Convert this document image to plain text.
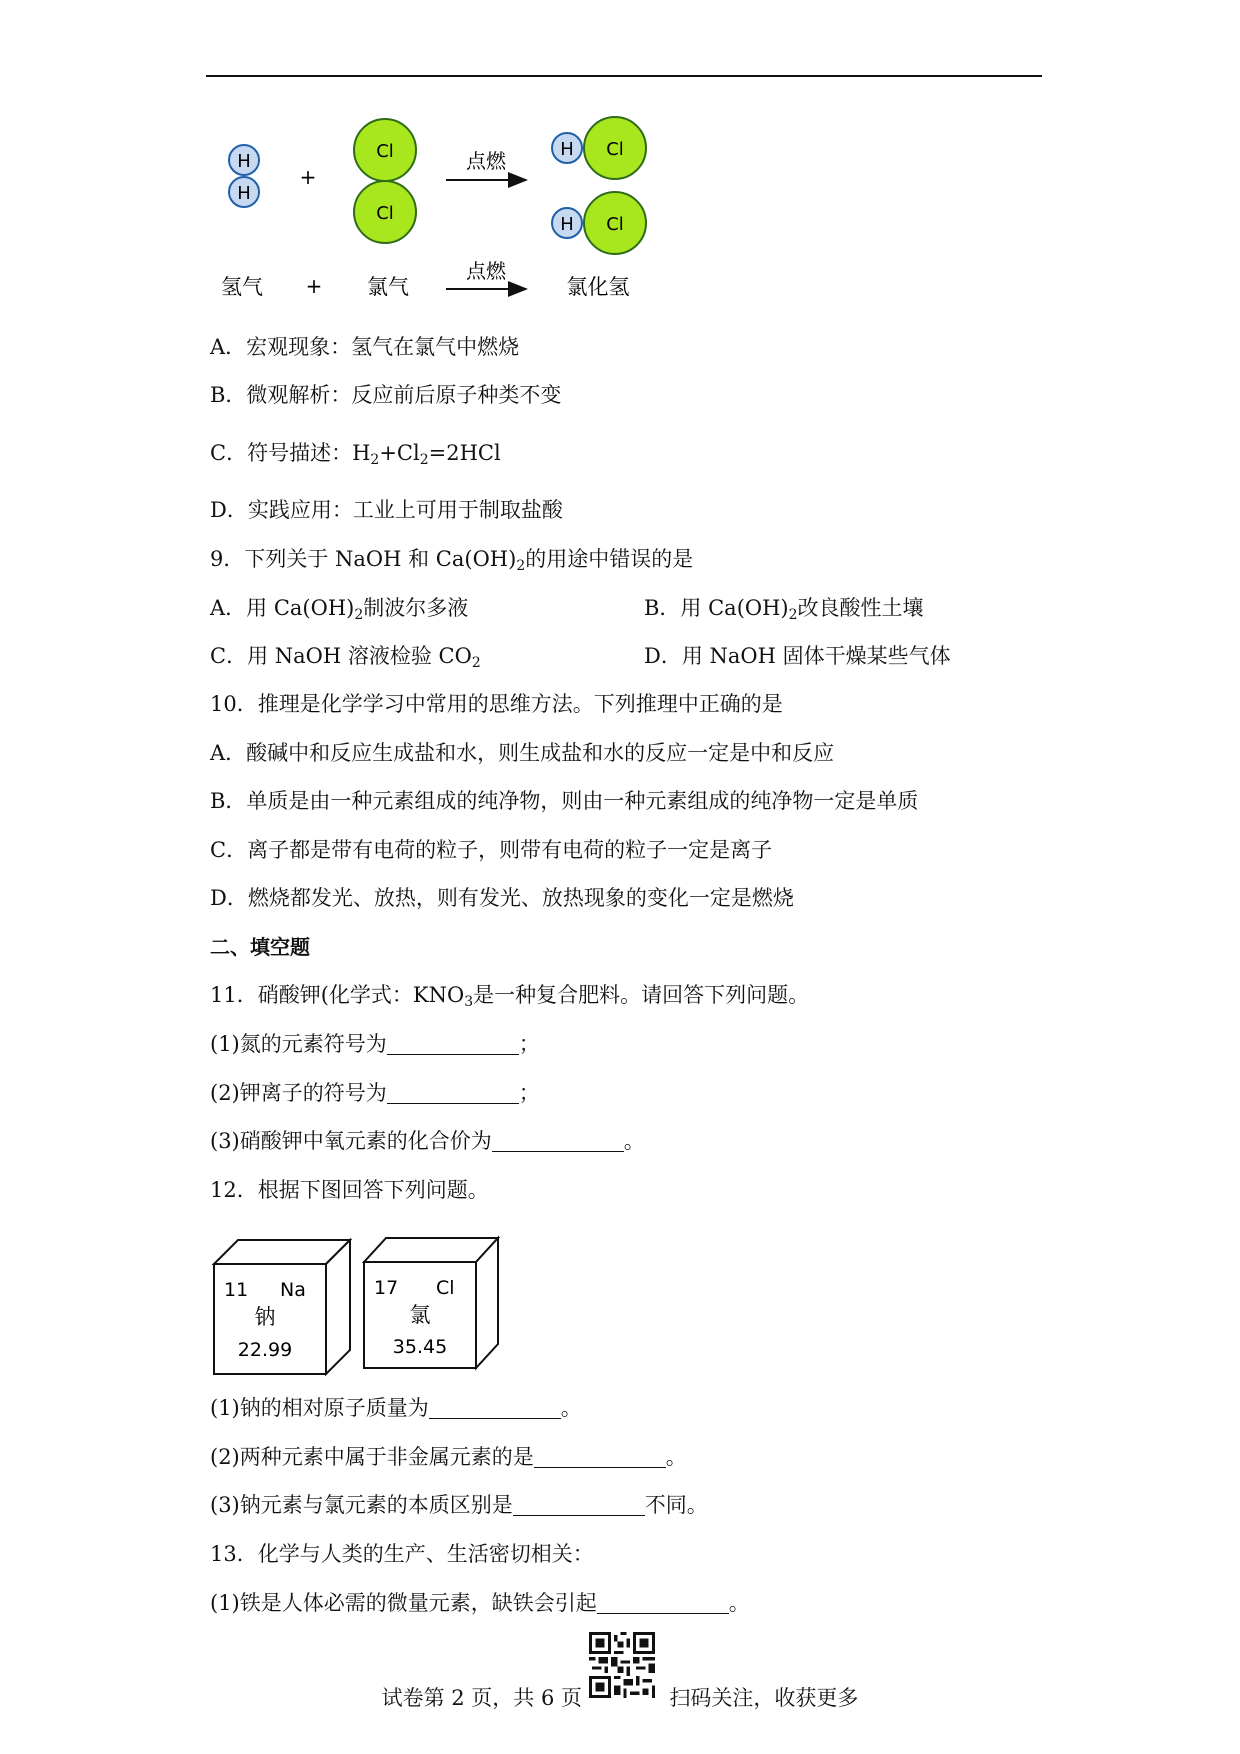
H
H
+
Cl
Cl
点燃	H Cl
H Cl
氢气 + 氯气
点燃
氯化氢
A．宏观现象：氢气在氯气中燃烧
B．微观解析：反应前后原子种类不变
C．符号描述：$H_2+Cl_2=2HCl$
D．实践应用：工业上可用于制取盐酸
9．下列关于 NaOH 和 $Ca(OH)_2$的用途中错误的是
A．用 $Ca(OH)_2$制波尔多液	B．用 $Ca(OH)_2$改良酸性土壤
C．用 NaOH 溶液检验 $CO_2$	D．用 NaOH 固体干燥某些气体
10．推理是化学学习中常用的思维方法。下列推理中正确的是
A．酸碱中和反应生成盐和水，则生成盐和水的反应一定是中和反应
B．单质是由一种元素组成的纯净物，则由一种元素组成的纯净物一定是单质
C．离子都是带有电荷的粒子，则带有电荷的粒子一定是离子
D．燃烧都发光、放热，则有发光、放热现象的变化一定是燃烧
二、填空题
11．硝酸钾(化学式：$KNO_3$是一种复合肥料。请回答下列问题。
(1)氮的元素符号为	；
(2)钾离子的符号为	；
(3)硝酸钾中氧元素的化合价为	。
12．根据下图回答下列问题。
11 Na
钠
22.99
17 Cl
氯
35.45
(1)钠的相对原子质量为	。
(2)两种元素中属于非金属元素的是	。
(3)钠元素与氯元素的本质区别是	不同。
13．化学与人类的生产、生活密切相关：
(1)铁是人体必需的微量元素，缺铁会引起	。
试卷第 2 页，共 6 页	扫码关注，收获更多
